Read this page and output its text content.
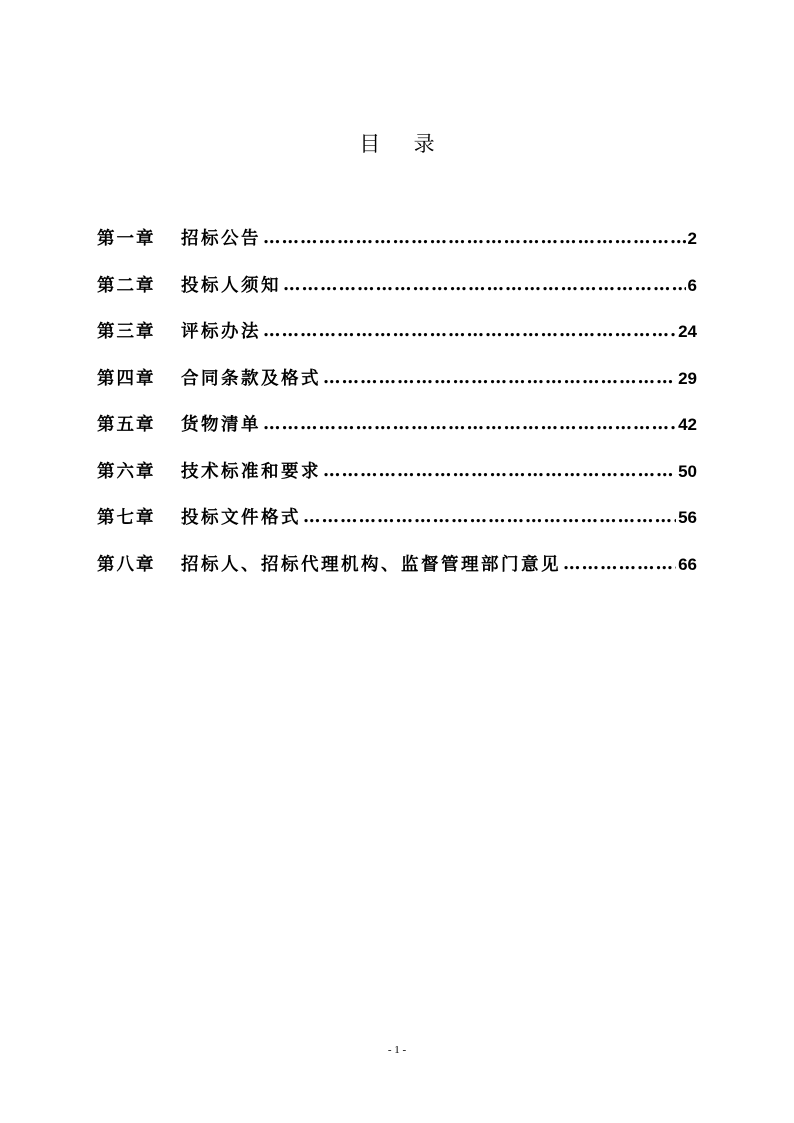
目     录
第一章	招标公告 …………………………………………………………………………………………………………………………………………	2
第二章	投标人须知 …………………………………………………………………………………………………………………………………………	6
第三章	评标办法 …………………………………………………………………………………………………………………………………………	24
第四章	合同条款及格式 …………………………………………………………………………………………………………………………………………	29
第五章	货物清单 …………………………………………………………………………………………………………………………………………	42
第六章	技术标准和要求 …………………………………………………………………………………………………………………………………………	50
第七章	投标文件格式 …………………………………………………………………………………………………………………………………………	56
第八章	招标人、招标代理机构、监督管理部门意见 …………………………………………………………………………………………………………………………………………	66
- 1 -
